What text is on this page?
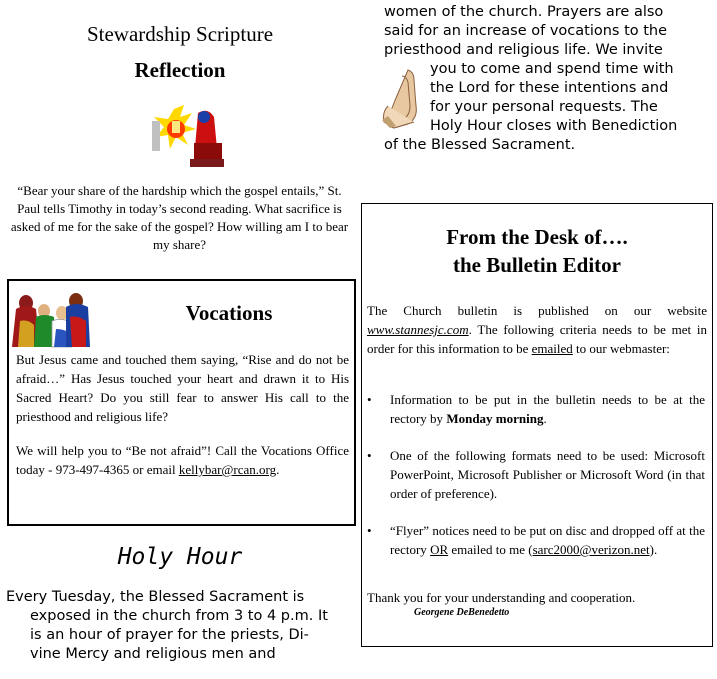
Stewardship Scripture
Reflection
“Bear your share of the hardship which the gospel entails,” St. Paul tells Timothy in today’s second reading. What sacrifice is asked of me for the sake of the gospel? How willing am I to bear my share?
Vocations
But Jesus came and touched them saying, “Rise and do not be afraid…” Has Jesus touched your heart and drawn it to His Sacred Heart? Do you still fear to answer His call to the priesthood and religious life?
We will help you to “Be not afraid”! Call the Vocations Office today - 973-497-4365 or email kellybar@rcan.org.
Holy Hour
Every Tuesday, the Blessed Sacrament is
exposed in the church from 3 to 4 p.m. It
is an hour of prayer for the priests, Di-
vine Mercy and religious men and
women of the church. Prayers are also
said for an increase of vocations to the
priesthood and religious life. We invite
you to come and spend time with
the Lord for these intentions and
for your personal requests. The
Holy Hour closes with Benediction
of the Blessed Sacrament.
From the Desk of….
the Bulletin Editor
The Church bulletin is published on our website www.stannesjc.com. The following criteria needs to be met in order for this information to be emailed to our webmaster:
• Information to be put in the bulletin needs to be at the rectory by Monday morning.
• One of the following formats need to be used: Microsoft PowerPoint, Microsoft Publisher or Microsoft Word (in that order of preference).
• “Flyer” notices need to be put on disc and dropped off at the rectory OR emailed to me (sarc2000@verizon.net).
Thank you for your understanding and cooperation.
Georgene DeBenedetto
